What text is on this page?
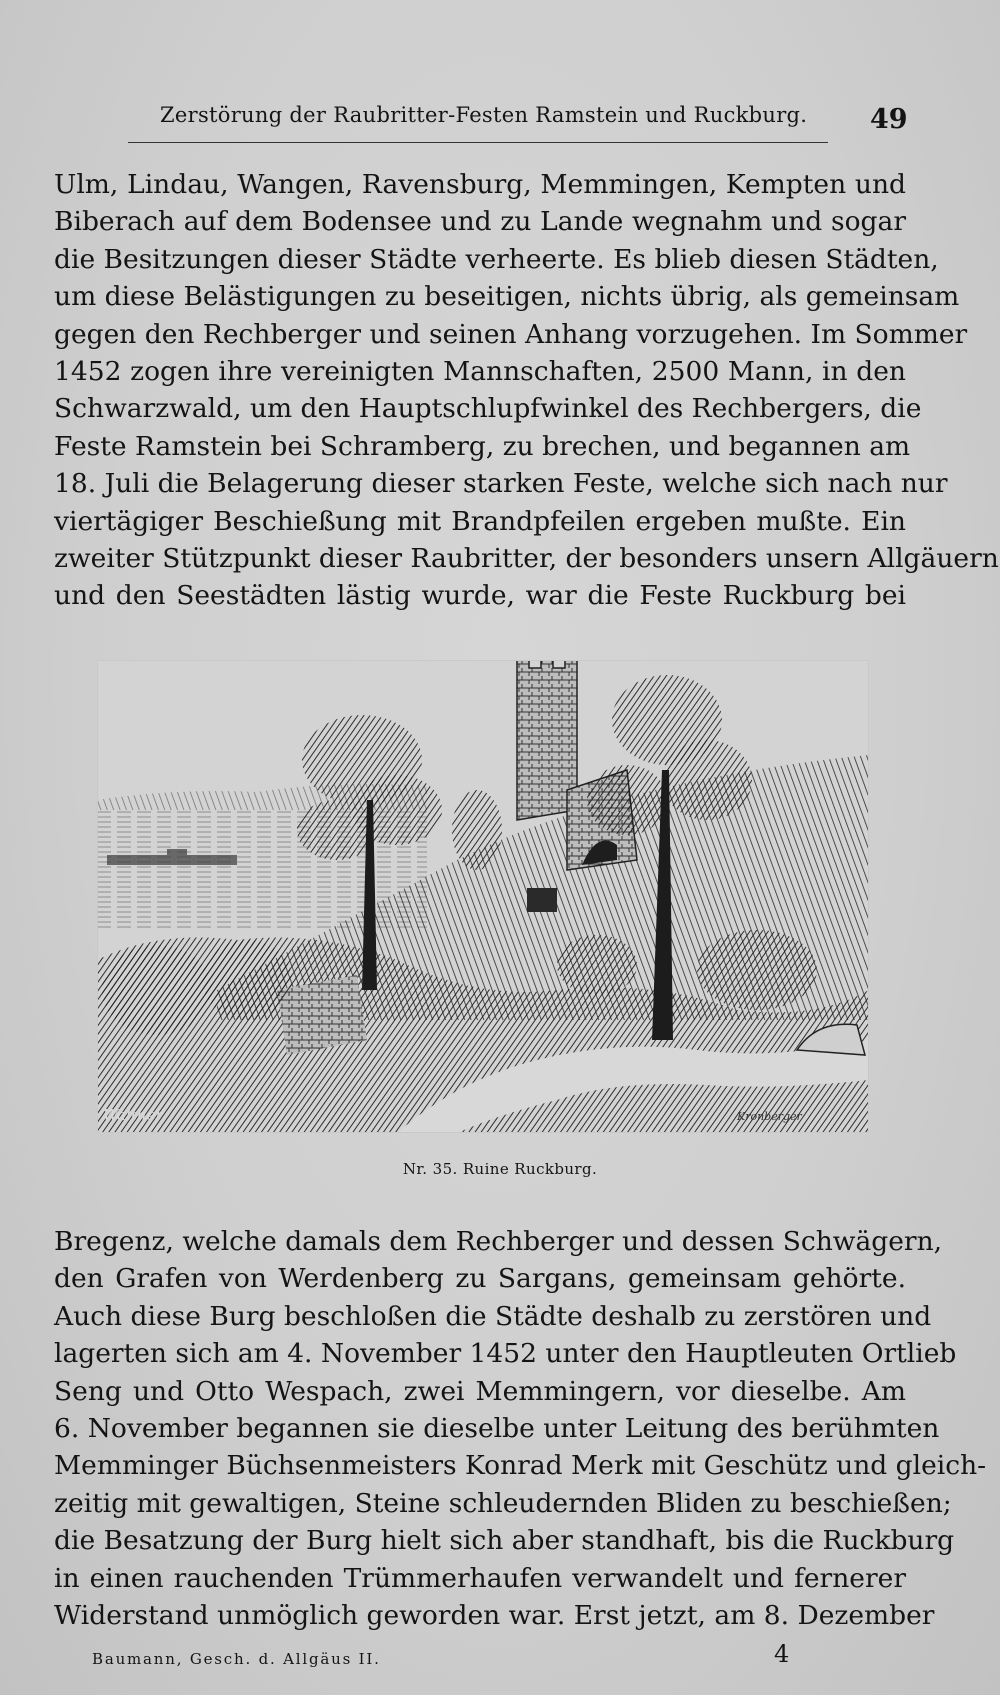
Zerstörung der Raubritter-Festen Ramstein und Ruckburg.	49
Ulm, Lindau, Wangen, Ravensburg, Memmingen, Kempten und
Biberach auf dem Bodensee und zu Lande wegnahm und sogar
die Besitzungen dieser Städte verheerte. Es blieb diesen Städten,
um diese Belästigungen zu beseitigen, nichts übrig, als gemeinsam
gegen den Rechberger und seinen Anhang vorzugehen. Im Sommer
1452 zogen ihre vereinigten Mannschaften, 2500 Mann, in den
Schwarzwald, um den Hauptschlupfwinkel des Rechbergers, die
Feste Ramstein bei Schramberg, zu brechen, und begannen am
18. Juli die Belagerung dieser starken Feste, welche sich nach nur
viertägiger Beschießung mit Brandpfeilen ergeben mußte. Ein
zweiter Stützpunkt dieser Raubritter, der besonders unsern Allgäuern
und den Seestädten lästig wurde, war die Feste Ruckburg bei
Walther	Kronberger
Nr. 35. Ruine Ruckburg.
Bregenz, welche damals dem Rechberger und dessen Schwägern,
den Grafen von Werdenberg zu Sargans, gemeinsam gehörte.
Auch diese Burg beschloßen die Städte deshalb zu zerstören und
lagerten sich am 4. November 1452 unter den Hauptleuten Ortlieb
Seng und Otto Wespach, zwei Memmingern, vor dieselbe. Am
6. November begannen sie dieselbe unter Leitung des berühmten
Memminger Büchsenmeisters Konrad Merk mit Geschütz und gleich-
zeitig mit gewaltigen, Steine schleudernden Bliden zu beschießen;
die Besatzung der Burg hielt sich aber standhaft, bis die Ruckburg
in einen rauchenden Trümmerhaufen verwandelt und fernerer
Widerstand unmöglich geworden war. Erst jetzt, am 8. Dezember
Baumann, Gesch. d. Allgäus II.	4
